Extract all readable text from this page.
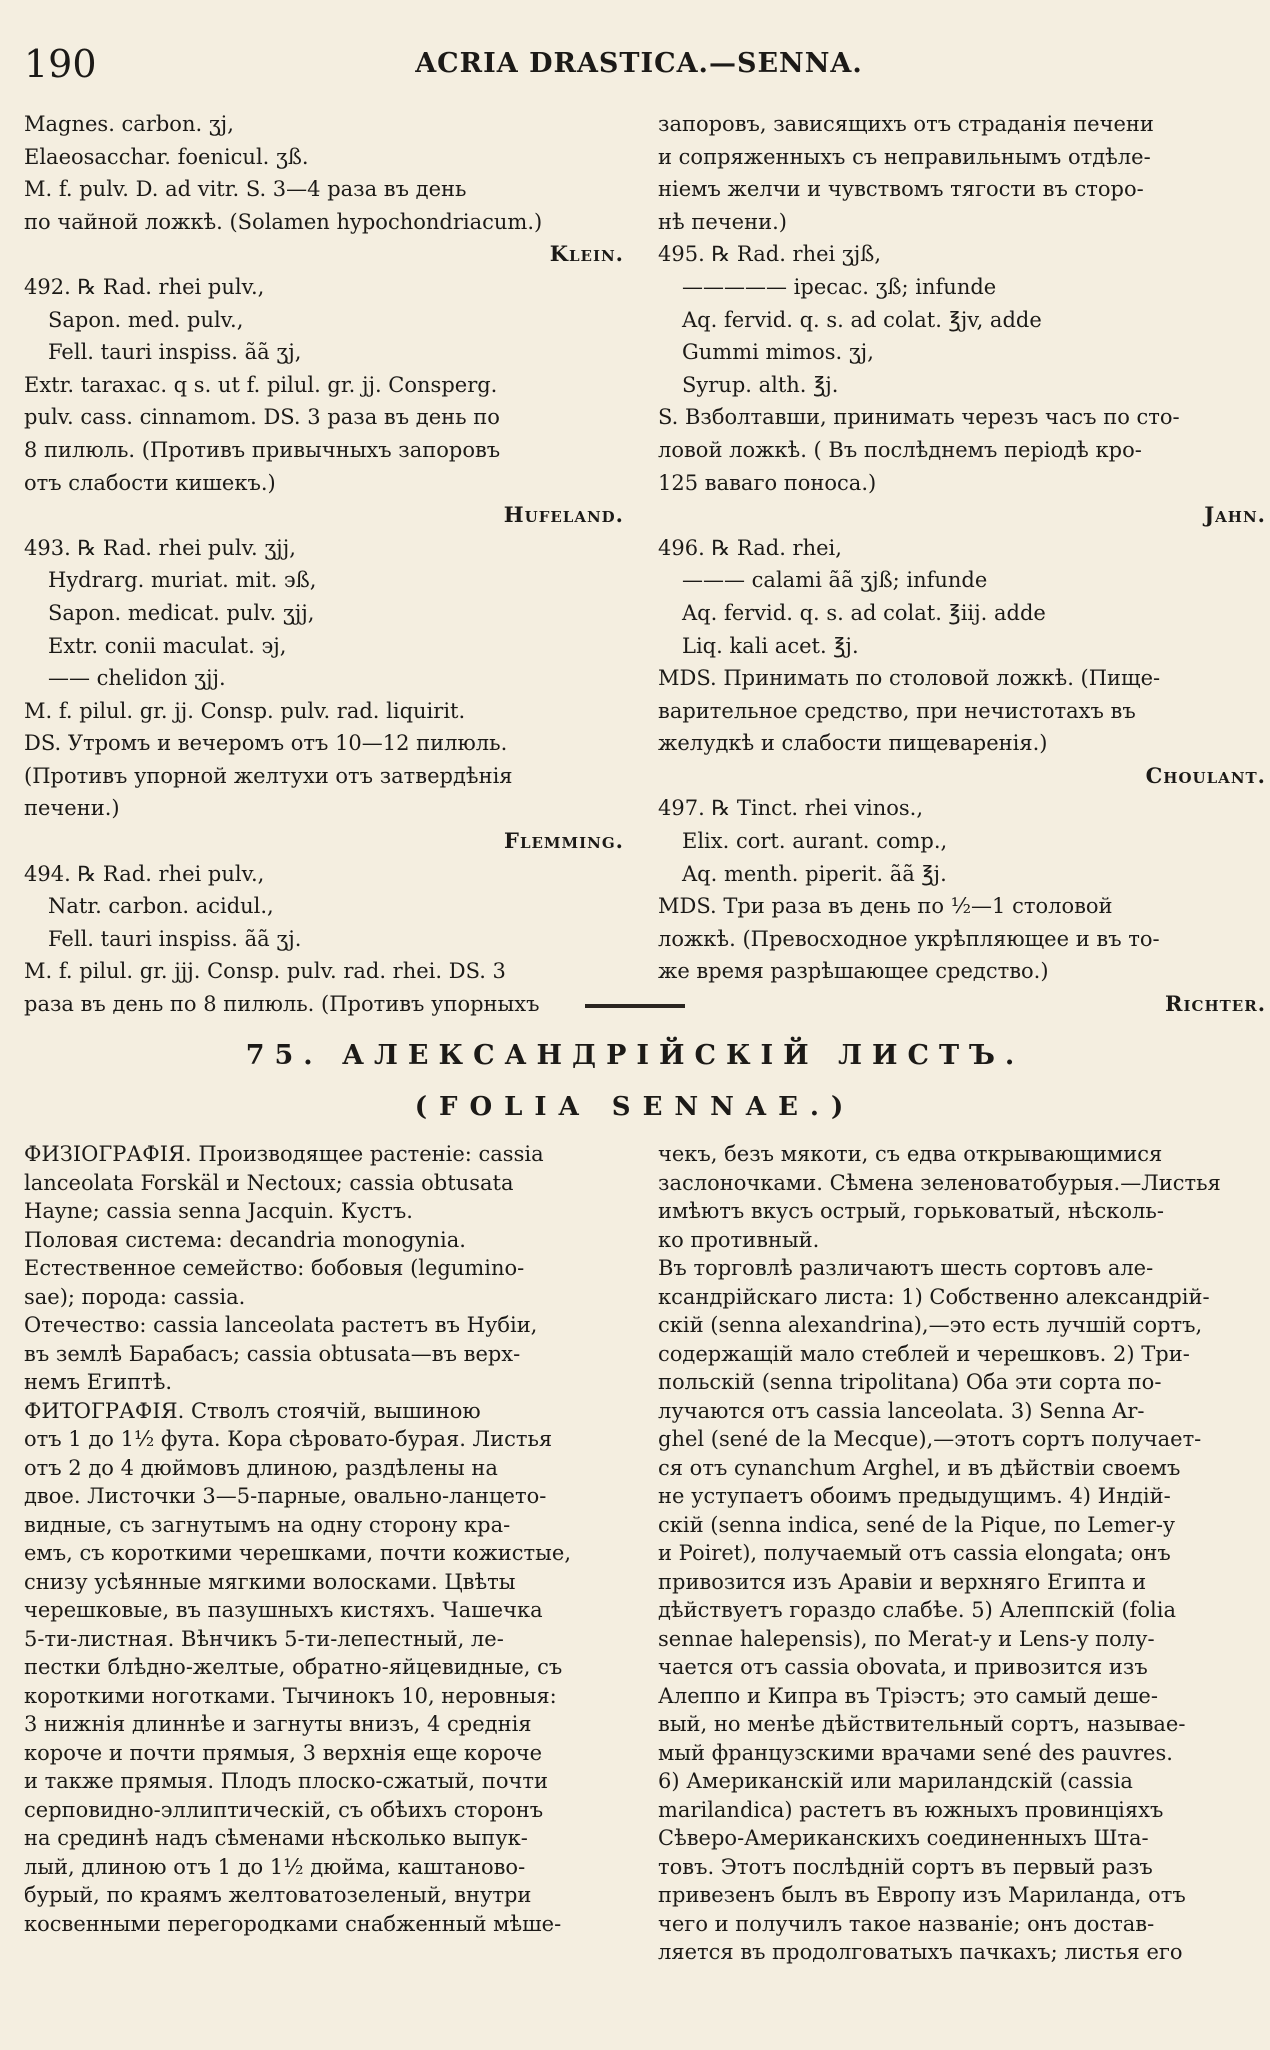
190	ACRIA DRASTICA.—SENNA.
Magnes. carbon. ʒj,
Elaeosacchar. foenicul. ʒß.
M. f. pulv. D. ad vitr. S. 3—4 раза въ день
по чайной ложкѣ. (Solamen hypochondriacum.)
Klein.
492. ℞ Rad. rhei pulv.,
Sapon. med. pulv.,
Fell. tauri inspiss. ãã ʒj,
Extr. taraxac. q s. ut f. pilul. gr. jj. Consperg.
pulv. cass. cinnamom. DS. 3 раза въ день по
8 пилюль. (Противъ привычныхъ запоровъ
отъ слабости кишекъ.)
Hufeland.
493. ℞ Rad. rhei pulv. ʒjj,
Hydrarg. muriat. mit. ϶ß,
Sapon. medicat. pulv. ʒjj,
Extr. conii maculat. ϶j,
—— chelidon ʒjj.
M. f. pilul. gr. jj. Consp. pulv. rad. liquirit.
DS. Утромъ и вечеромъ отъ 10—12 пилюль.
(Противъ упорной желтухи отъ затвердѣнія
печени.)
Flemming.
494. ℞ Rad. rhei pulv.,
Natr. carbon. acidul.,
Fell. tauri inspiss. ãã ʒj.
M. f. pilul. gr. jjj. Consp. pulv. rad. rhei. DS. 3
раза въ день по 8 пилюль. (Противъ упорныхъ
запоровъ, зависящихъ отъ страданія печени
и сопряженныхъ съ неправильнымъ отдѣле-
ніемъ желчи и чувствомъ тягости въ сторо-
нѣ печени.)
495. ℞ Rad. rhei ʒjß,
————— ipecac. ʒß; infunde
Aq. fervid. q. s. ad colat. ℥jv, adde
Gummi mimos. ʒj,
Syrup. alth. ℥j.
S. Взболтавши, принимать черезъ часъ по сто-
ловой ложкѣ. ( Въ послѣднемъ періодѣ кро-
125 ваваго поноса.)
Jahn.
496. ℞ Rad. rhei,
——— calami ãã ʒjß; infunde
Aq. fervid. q. s. ad colat. ℥iij. adde
Liq. kali acet. ℥j.
MDS. Принимать по столовой ложкѣ. (Пище-
варительное средство, при нечистотахъ въ
желудкѣ и слабости пищеваренія.)
Choulant.
497. ℞ Tinct. rhei vinos.,
Elix. cort. aurant. comp.,
Aq. menth. piperit. ãã ℥j.
MDS. Три раза въ день по ½—1 столовой
ложкѣ. (Превосходное укрѣпляющее и въ то-
же время разрѣшающее средство.)
Richter.
75. АЛЕКСАНДРІЙСКІЙ ЛИСТЪ.
(FOLIA SENNAE.)
ФИЗІОГРАФІЯ. Производящее растеніе: cassia
lanceolata Forskäl и Nectoux; cassia obtusata
Hayne; cassia senna Jacquin. Кустъ.
Половая система: decandria monogynia.
Естественное семейство: бобовыя (legumino-
sae); порода: cassia.
Отечество: cassia lanceolata растетъ въ Нубіи,
въ землѣ Барабасъ; cassia obtusata—въ верх-
немъ Египтѣ.
ФИТОГРАФІЯ. Стволъ стоячій, вышиною
отъ 1 до 1½ фута. Кора сѣровато-бурая. Листья
отъ 2 до 4 дюймовъ длиною, раздѣлены на
двое. Листочки 3—5-парные, овально-ланцето-
видные, съ загнутымъ на одну сторону кра-
емъ, съ короткими черешками, почти кожистые,
снизу усѣянные мягкими волосками. Цвѣты
черешковые, въ пазушныхъ кистяхъ. Чашечка
5-ти-листная. Вѣнчикъ 5-ти-лепестный, ле-
пестки блѣдно-желтые, обратно-яйцевидные, съ
короткими ноготками. Тычинокъ 10, неровныя:
3 нижнія длиннѣе и загнуты внизъ, 4 среднія
короче и почти прямыя, 3 верхнія еще короче
и также прямыя. Плодъ плоско-сжатый, почти
серповидно-эллиптическій, съ обѣихъ сторонъ
на срединѣ надъ сѣменами нѣсколько выпук-
лый, длиною отъ 1 до 1½ дюйма, каштаново-
бурый, по краямъ желтоватозеленый, внутри
косвенными перегородками снабженный мѣше-
чекъ, безъ мякоти, съ едва открывающимися
заслоночками. Сѣмена зеленоватобурыя.—Листья
имѣютъ вкусъ острый, горьковатый, нѣсколь-
ко противный.
Въ торговлѣ различаютъ шесть сортовъ але-
ксандрійскаго листа: 1) Собственно александрій-
скій (senna alexandrina),—это есть лучшій сортъ,
содержащій мало стеблей и черешковъ. 2) Три-
польскій (senna tripolitana) Оба эти сорта по-
лучаются отъ cassia lanceolata. 3) Senna Ar-
ghel (sené de la Mecque),—этотъ сортъ получает-
ся отъ cynanchum Arghel, и въ дѣйствіи своемъ
не уступаетъ обоимъ предыдущимъ. 4) Индій-
скій (senna indica, sené de la Pique, по Lemer-y
и Poiret), получаемый отъ cassia elongata; онъ
привозится изъ Аравіи и верхняго Египта и
дѣйствуетъ гораздо слабѣе. 5) Алеппскій (folia
sennae halepensis), по Merat-y и Lens-y полу-
чается отъ cassia obovata, и привозится изъ
Алеппо и Кипра въ Тріэстъ; это самый деше-
вый, но менѣе дѣйствительный сортъ, называе-
мый французскими врачами sené des pauvres.
6) Американскій или мариландскій (cassia
marilandica) растетъ въ южныхъ провинціяхъ
Сѣверо-Американскихъ соединенныхъ Шта-
товъ. Этотъ послѣдній сортъ въ первый разъ
привезенъ былъ въ Европу изъ Мариланда, отъ
чего и получилъ такое названіе; онъ достав-
ляется въ продолговатыхъ пачкахъ; листья его
